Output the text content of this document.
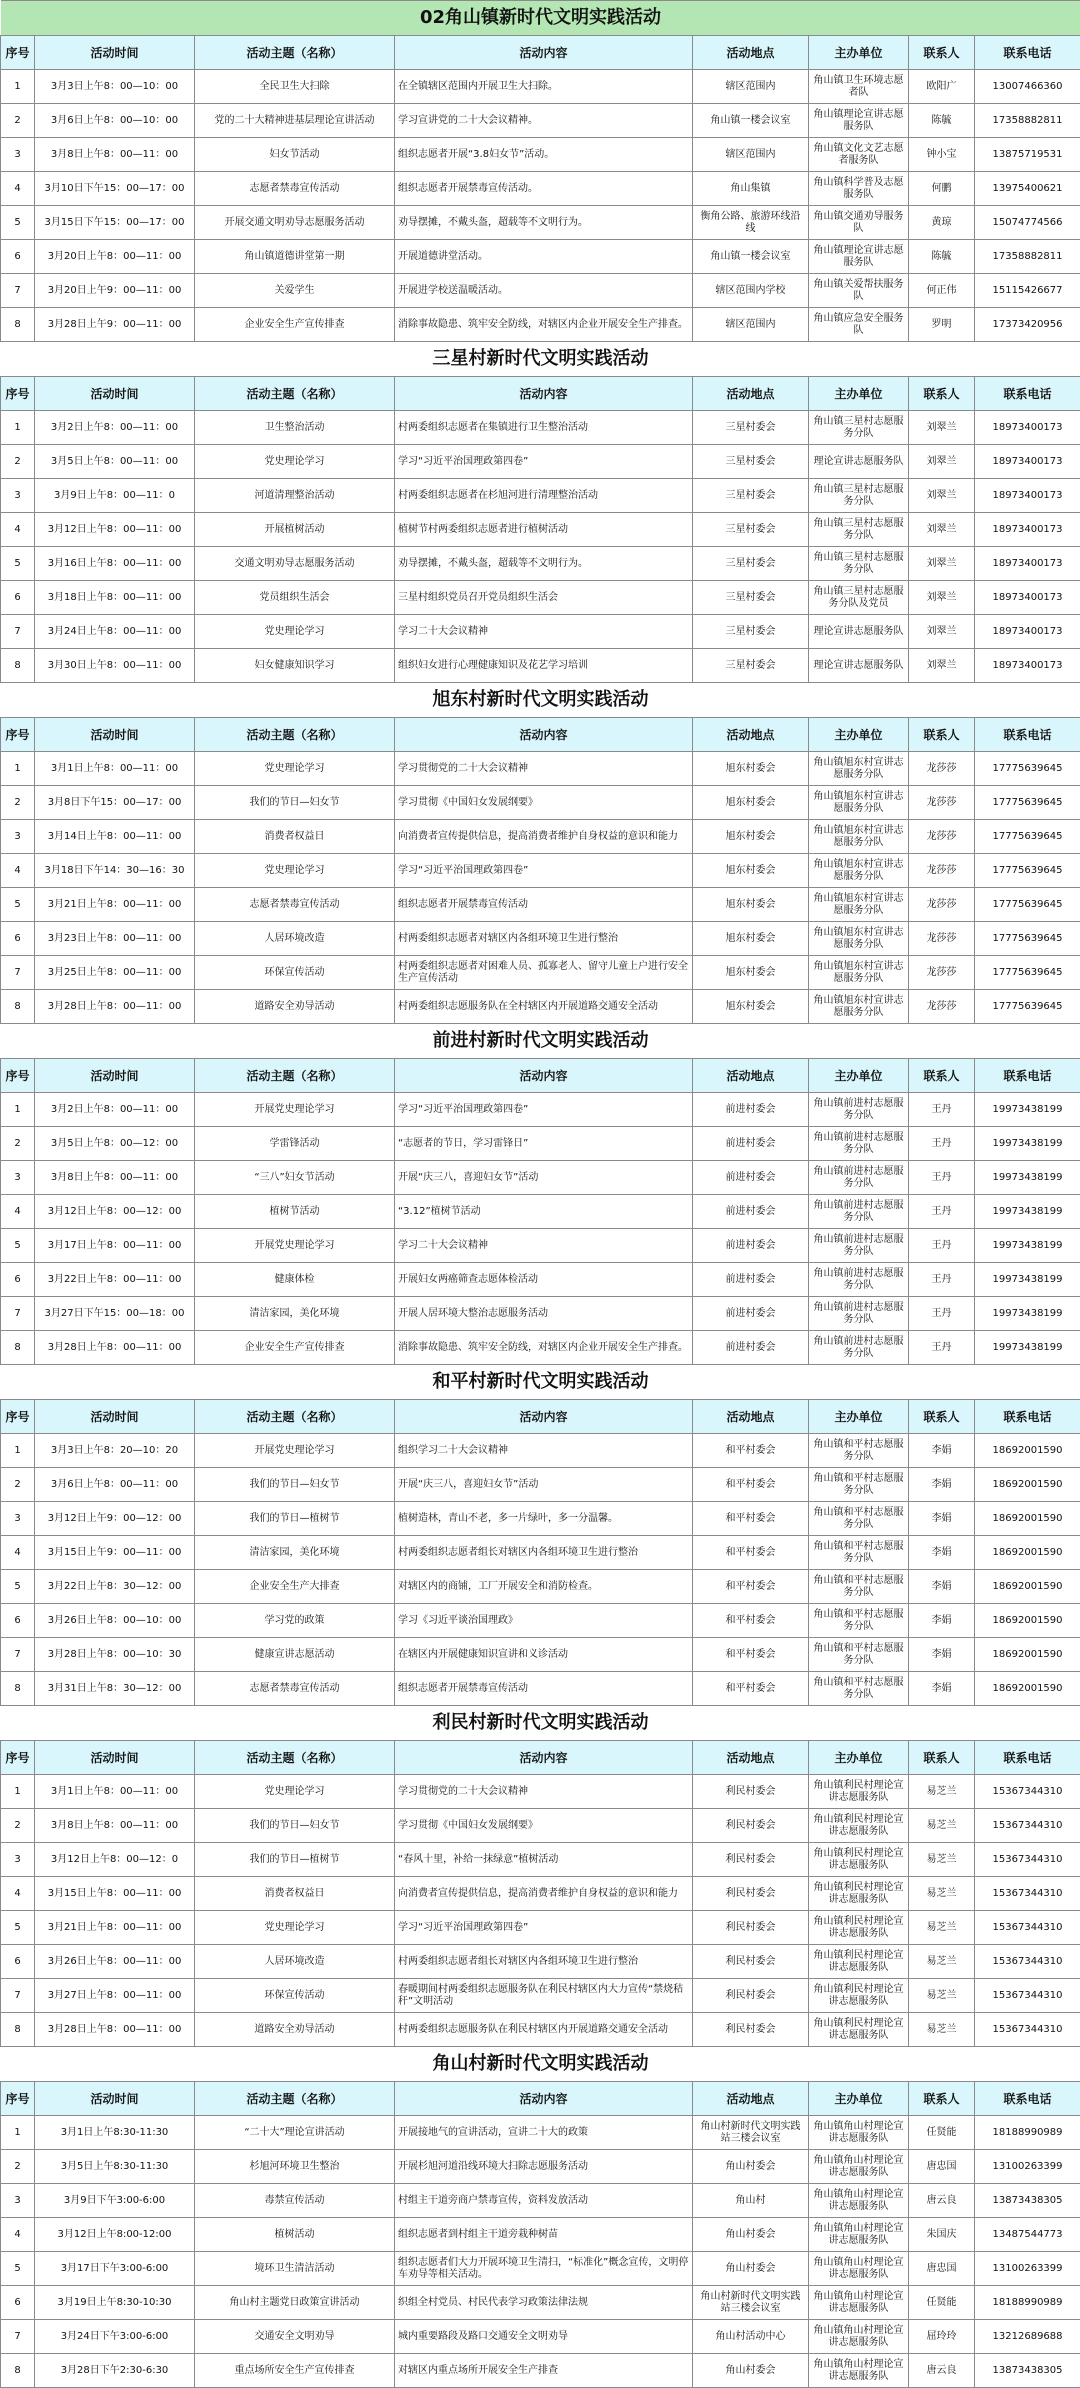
02角山镇新时代文明实践活动							
序号	活动时间	活动主题（名称）	活动内容	活动地点	主办单位	联系人	联系电话
1	3月3日上午8：00—10：00	全民卫生大扫除	在全镇辖区范围内开展卫生大扫除。	辖区范围内	角山镇卫生环境志愿者队	欧阳广	13007466360
2	3月6日上午8：00—10：00	党的二十大精神进基层理论宣讲活动	学习宣讲党的二十大会议精神。	角山镇一楼会议室	角山镇理论宣讲志愿服务队	陈毓	17358882811
3	3月8日上午8：00—11：00	妇女节活动	组织志愿者开展“3.8妇女节”活动。	辖区范围内	角山镇文化文艺志愿者服务队	钟小宝	13875719531
4	3月10日下午15：00—17：00	志愿者禁毒宣传活动	组织志愿者开展禁毒宣传活动。	角山集镇	角山镇科学普及志愿服务队	何鹏	13975400621
5	3月15日下午15：00—17：00	开展交通文明劝导志愿服务活动	劝导摆摊，不戴头盔，超载等不文明行为。	衡角公路、旅游环线沿线	角山镇交通劝导服务队	黄琼	15074774566
6	3月20日上午8：00—11：00	角山镇道德讲堂第一期	开展道德讲堂活动。	角山镇一楼会议室	角山镇理论宣讲志愿服务队	陈毓	17358882811
7	3月20日上午9：00—11：00	关爱学生	开展进学校送温暖活动。	辖区范围内学校	角山镇关爱帮扶服务队	何正伟	15115426677
8	3月28日上午9：00—11：00	企业安全生产宣传排查	消除事故隐患、筑牢安全防线，对辖区内企业开展安全生产排查。	辖区范围内	角山镇应急安全服务队	罗明	17373420956
三星村新时代文明实践活动							
序号	活动时间	活动主题（名称）	活动内容	活动地点	主办单位	联系人	联系电话
1	3月2日上午8：00—11：00	卫生整治活动	村两委组织志愿者在集镇进行卫生整治活动	三星村委会	角山镇三星村志愿服务分队	刘翠兰	18973400173
2	3月5日上午8：00—11：00	党史理论学习	学习“习近平治国理政第四卷”	三星村委会	理论宣讲志愿服务队	刘翠兰	18973400173
3	3月9日上午8：00—11：0	河道清理整治活动	村两委组织志愿者在杉旭河进行清理整治活动	三星村委会	角山镇三星村志愿服务分队	刘翠兰	18973400173
4	3月12日上午8：00—11：00	开展植树活动	植树节村两委组织志愿者进行植树活动	三星村委会	角山镇三星村志愿服务分队	刘翠兰	18973400173
5	3月16日上午8：00—11：00	交通文明劝导志愿服务活动	劝导摆摊，不戴头盔，超载等不文明行为。	三星村委会	角山镇三星村志愿服务分队	刘翠兰	18973400173
6	3月18日上午8：00—11：00	党员组织生活会	三星村组织党员召开党员组织生活会	三星村委会	角山镇三星村志愿服务分队及党员	刘翠兰	18973400173
7	3月24日上午8：00—11：00	党史理论学习	学习二十大会议精神	三星村委会	理论宣讲志愿服务队	刘翠兰	18973400173
8	3月30日上午8：00—11：00	妇女健康知识学习	组织妇女进行心理健康知识及花艺学习培训	三星村委会	理论宣讲志愿服务队	刘翠兰	18973400173
旭东村新时代文明实践活动							
序号	活动时间	活动主题（名称）	活动内容	活动地点	主办单位	联系人	联系电话
1	3月1日上午8：00—11：00	党史理论学习	学习贯彻党的二十大会议精神	旭东村委会	角山镇旭东村宣讲志愿服务分队	龙莎莎	17775639645
2	3月8日下午15：00—17：00	我们的节日—妇女节	学习贯彻《中国妇女发展纲要》	旭东村委会	角山镇旭东村宣讲志愿服务分队	龙莎莎	17775639645
3	3月14日上午8：00—11：00	消费者权益日	向消费者宣传提供信息，提高消费者维护自身权益的意识和能力	旭东村委会	角山镇旭东村宣讲志愿服务分队	龙莎莎	17775639645
4	3月18日下午14：30—16：30	党史理论学习	学习“习近平治国理政第四卷”	旭东村委会	角山镇旭东村宣讲志愿服务分队	龙莎莎	17775639645
5	3月21日上午8：00—11：00	志愿者禁毒宣传活动	组织志愿者开展禁毒宣传活动	旭东村委会	角山镇旭东村宣讲志愿服务分队	龙莎莎	17775639645
6	3月23日上午8：00—11：00	人居环境改造	村两委组织志愿者对辖区内各组环境卫生进行整治	旭东村委会	角山镇旭东村宣讲志愿服务分队	龙莎莎	17775639645
7	3月25日上午8：00—11：00	环保宣传活动	村两委组织志愿者对困难人员、孤寡老人、留守儿童上户进行安全生产宣传活动	旭东村委会	角山镇旭东村宣讲志愿服务分队	龙莎莎	17775639645
8	3月28日上午8：00—11：00	道路安全劝导活动	村两委组织志愿服务队在全村辖区内开展道路交通安全活动	旭东村委会	角山镇旭东村宣讲志愿服务分队	龙莎莎	17775639645
前进村新时代文明实践活动							
序号	活动时间	活动主题（名称）	活动内容	活动地点	主办单位	联系人	联系电话
1	3月2日上午8：00—11：00	开展党史理论学习	学习“习近平治国理政第四卷”	前进村委会	角山镇前进村志愿服务分队	王丹	19973438199
2	3月5日上午8：00—12：00	学雷锋活动	“志愿者的节日，学习雷锋日”	前进村委会	角山镇前进村志愿服务分队	王丹	19973438199
3	3月8日上午8：00—11：00	“三八”妇女节活动	开展“庆三八，喜迎妇女节”活动	前进村委会	角山镇前进村志愿服务分队	王丹	19973438199
4	3月12日上午8：00—12：00	植树节活动	“3.12”植树节活动	前进村委会	角山镇前进村志愿服务分队	王丹	19973438199
5	3月17日上午8：00—11：00	开展党史理论学习	学习二十大会议精神	前进村委会	角山镇前进村志愿服务分队	王丹	19973438199
6	3月22日上午8：00—11：00	健康体检	开展妇女两癌筛查志愿体检活动	前进村委会	角山镇前进村志愿服务分队	王丹	19973438199
7	3月27日下午15：00—18：00	清洁家园，美化环境	开展人居环境大整治志愿服务活动	前进村委会	角山镇前进村志愿服务分队	王丹	19973438199
8	3月28日上午8：00—11：00	企业安全生产宣传排查	消除事故隐患、筑牢安全防线，对辖区内企业开展安全生产排查。	前进村委会	角山镇前进村志愿服务分队	王丹	19973438199
和平村新时代文明实践活动							
序号	活动时间	活动主题（名称）	活动内容	活动地点	主办单位	联系人	联系电话
1	3月3日上午8：20—10：20	开展党史理论学习	组织学习二十大会议精神	和平村委会	角山镇和平村志愿服务分队	李娟	18692001590
2	3月6日上午8：00—11：00	我们的节日—妇女节	开展“庆三八，喜迎妇女节”活动	和平村委会	角山镇和平村志愿服务分队	李娟	18692001590
3	3月12日上午9：00—12：00	我们的节日—植树节	植树造林，青山不老，多一片绿叶，多一分温馨。	和平村委会	角山镇和平村志愿服务分队	李娟	18692001590
4	3月15日上午9：00—11：00	清洁家园，美化环境	村两委组织志愿者组长对辖区内各组环境卫生进行整治	和平村委会	角山镇和平村志愿服务分队	李娟	18692001590
5	3月22日上午8：30—12：00	企业安全生产大排查	对辖区内的商铺，工厂开展安全和消防检查。	和平村委会	角山镇和平村志愿服务分队	李娟	18692001590
6	3月26日上午8：00—10：00	学习党的政策	学习《习近平谈治国理政》	和平村委会	角山镇和平村志愿服务分队	李娟	18692001590
7	3月28日上午8：00—10：30	健康宣讲志愿活动	在辖区内开展健康知识宣讲和义诊活动	和平村委会	角山镇和平村志愿服务分队	李娟	18692001590
8	3月31日上午8：30—12：00	志愿者禁毒宣传活动	组织志愿者开展禁毒宣传活动	和平村委会	角山镇和平村志愿服务分队	李娟	18692001590
利民村新时代文明实践活动							
序号	活动时间	活动主题（名称）	活动内容	活动地点	主办单位	联系人	联系电话
1	3月1日上午8：00—11：00	党史理论学习	学习贯彻党的二十大会议精神	利民村委会	角山镇利民村理论宣讲志愿服务队	易芝兰	15367344310
2	3月8日上午8：00—11：00	我们的节日—妇女节	学习贯彻《中国妇女发展纲要》	利民村委会	角山镇利民村理论宣讲志愿服务队	易芝兰	15367344310
3	3月12日上午8：00—12：0	我们的节日—植树节	“春风十里，补给一抹绿意”植树活动	利民村委会	角山镇利民村理论宣讲志愿服务队	易芝兰	15367344310
4	3月15日上午8：00—11：00	消费者权益日	向消费者宣传提供信息，提高消费者维护自身权益的意识和能力	利民村委会	角山镇利民村理论宣讲志愿服务队	易芝兰	15367344310
5	3月21日上午8：00—11：00	党史理论学习	学习“习近平治国理政第四卷”	利民村委会	角山镇利民村理论宣讲志愿服务队	易芝兰	15367344310
6	3月26日上午8：00—11：00	人居环境改造	村两委组织志愿者组长对辖区内各组环境卫生进行整治	利民村委会	角山镇利民村理论宣讲志愿服务队	易芝兰	15367344310
7	3月27日上午8：00—11：00	环保宣传活动	春暖期间村两委组织志愿服务队在利民村辖区内大力宣传“禁烧秸秆”文明活动	利民村委会	角山镇利民村理论宣讲志愿服务队	易芝兰	15367344310
8	3月28日上午8：00—11：00	道路安全劝导活动	村两委组织志愿服务队在利民村辖区内开展道路交通安全活动	利民村委会	角山镇利民村理论宣讲志愿服务队	易芝兰	15367344310
角山村新时代文明实践活动							
序号	活动时间	活动主题（名称）	活动内容	活动地点	主办单位	联系人	联系电话
1	3月1日上午8:30-11:30	“二十大”理论宣讲活动	开展接地气的宣讲活动，宣讲二十大的政策	角山村新时代文明实践站三楼会议室	角山镇角山村理论宣讲志愿服务队	任贤能	18188990989
2	3月5日上午8:30-11:30	杉旭河环境卫生整治	开展杉旭河道沿线环境大扫除志愿服务活动	角山村委会	角山镇角山村理论宣讲志愿服务队	唐忠国	13100263399
3	3月9日下午3:00-6:00	毒禁宣传活动	村组主干道旁商户禁毒宣传，资料发放活动	角山村	角山镇角山村理论宣讲志愿服务队	唐云良	13873438305
4	3月12日上午8:00-12:00	植树活动	组织志愿者到村组主干道旁栽种树苗	角山村委会	角山镇角山村理论宣讲志愿服务队	朱国庆	13487544773
5	3月17日下午3:00-6:00	境环卫生清洁活动	组织志愿者们大力开展环境卫生清扫，“标准化”概念宣传，文明停车劝导等相关活动。	角山村委会	角山镇角山村理论宣讲志愿服务队	唐忠国	13100263399
6	3月19日上午8:30-10:30	角山村主题党日政策宣讲活动	织组全村党员、村民代表学习政策法律法规	角山村新时代文明实践站三楼会议室	角山镇角山村理论宣讲志愿服务队	任贤能	18188990989
7	3月24日下午3:00-6:00	交通安全文明劝导	城内重要路段及路口交通安全文明劝导	角山村活动中心	角山镇角山村理论宣讲志愿服务队	屈玲玲	13212689688
8	3月28日下午2:30-6:30	重点场所安全生产宣传排查	对辖区内重点场所开展安全生产排查	角山村委会	角山镇角山村理论宣讲志愿服务队	唐云良	13873438305
